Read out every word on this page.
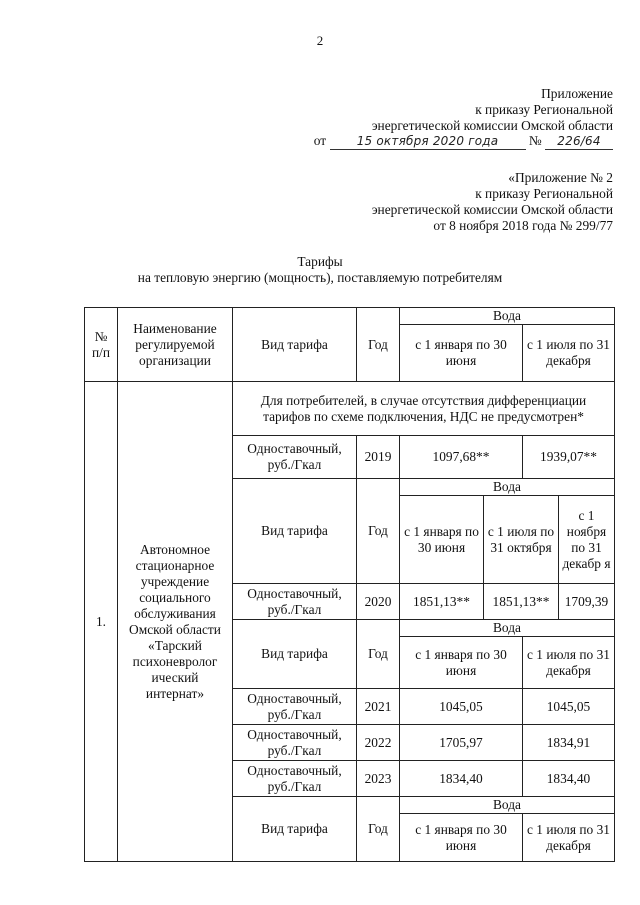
2
Приложение
к приказу Региональной
энергетической комиссии Омской области
от	15 октября 2020 года № 226/64
«Приложение № 2
к приказу Региональной
энергетической комиссии Омской области
от 8 ноября 2018 года № 299/77
Тарифы
на тепловую энергию (мощность), поставляемую потребителям
№ п/п	Наименование регулируемой организации	Вид тарифа	Год	Вода			
				с 1 января по 30 июня		с 1 июля по 31 декабря	
1.	Автономное стационарное учреждение социального обслуживания Омской области «Тарский психоневролог ический интернат»	Для потребителей, в случае отсутствия дифференциации тарифов по схеме подключения, НДС не предусмотрен*					
		Одноставочный, руб./Гкал	2019	1097,68**		1939,07**	
		Вид тарифа	Год	Вода			
				с 1 января по 30 июня	с 1 июля по 31 октября		с 1 ноября по 31 декабр я
		Одноставочный, руб./Гкал	2020	1851,13**	1851,13**		1709,39
		Вид тарифа	Год	Вода			
				с 1 января по 30 июня		с 1 июля по 31 декабря	
		Одноставочный, руб./Гкал	2021	1045,05		1045,05	
		Одноставочный, руб./Гкал	2022	1705,97		1834,91	
		Одноставочный, руб./Гкал	2023	1834,40		1834,40	
		Вид тарифа	Год	Вода			
				с 1 января по 30 июня		с 1 июля по 31 декабря	
